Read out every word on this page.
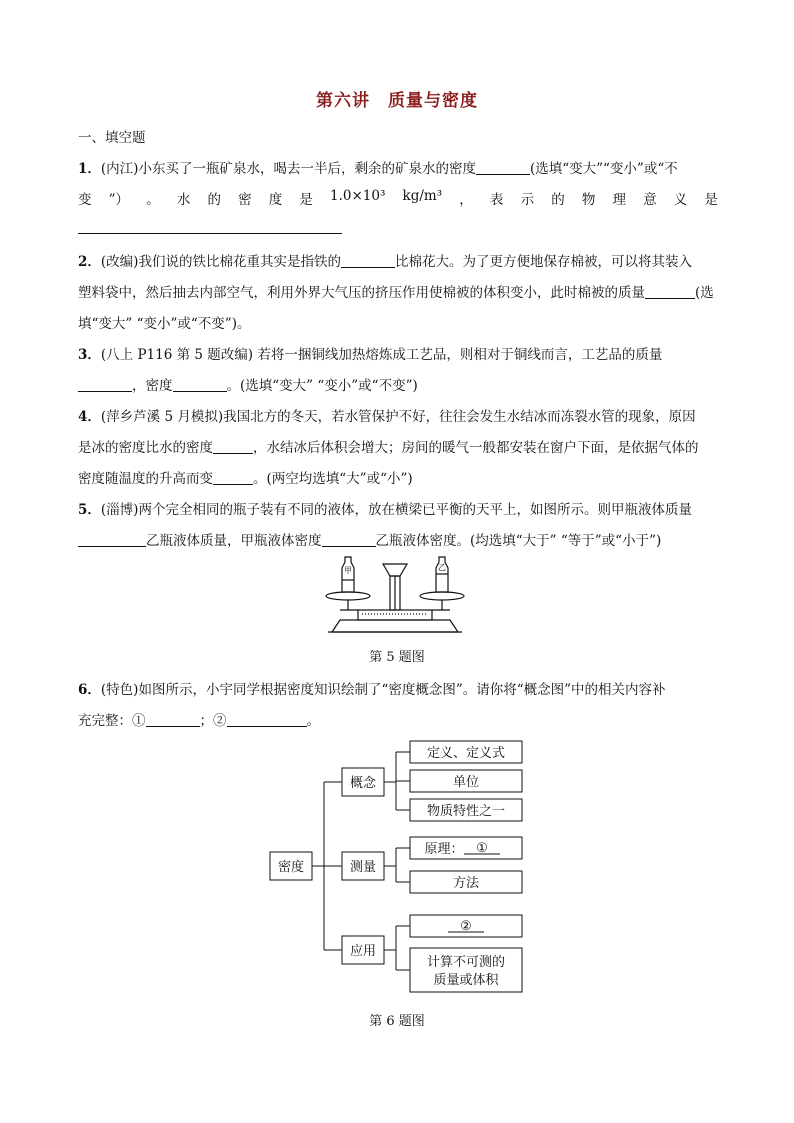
第六讲　质量与密度
一、填空题
1．(内江)小东买了一瓶矿泉水，喝去一半后，剩余的矿泉水的密度	(选填“变大”“变小”或“不
变 ”） 。 水 的 密 度 是 1.0×10³ kg/m³ ， 表 示 的 物 理 意 义 是
2．(改编)我们说的铁比棉花重其实是指铁的	比棉花大。为了更方便地保存棉被，可以将其装入
塑料袋中，然后抽去内部空气，利用外界大气压的挤压作用使棉被的体积变小，此时棉被的质量	(选
填“变大” “变小”或“不变”)。
3．(八上 P116 第 5 题改编) 若将一捆铜线加热熔炼成工艺品，则相对于铜线而言，工艺品的质量
，密度	。(选填“变大” “变小”或“不变”)
4．(萍乡芦溪 5 月模拟)我国北方的冬天，若水管保护不好，往往会发生水结冰而冻裂水管的现象，原因
是冰的密度比水的密度	，水结冰后体积会增大；房间的暖气一般都安装在窗户下面，是依据气体的
密度随温度的升高而变	。(两空均选填“大”或“小”)
5．(淄博)两个完全相同的瓶子装有不同的液体，放在横梁已平衡的天平上，如图所示。则甲瓶液体质量
乙瓶液体质量，甲瓶液体密度	乙瓶液体密度。(均选填“大于” “等于”或“小于”)
甲	乙
第 5 题图
6．(特色)如图所示，小宇同学根据密度知识绘制了“密度概念图”。请你将“概念图”中的相关内容补
充完整：①	；②	。
密度
概念
测量
应用
定义、定义式
单位
物质特性之一
原理： ①
方法
②
计算不可测的
质量或体积
第 6 题图
